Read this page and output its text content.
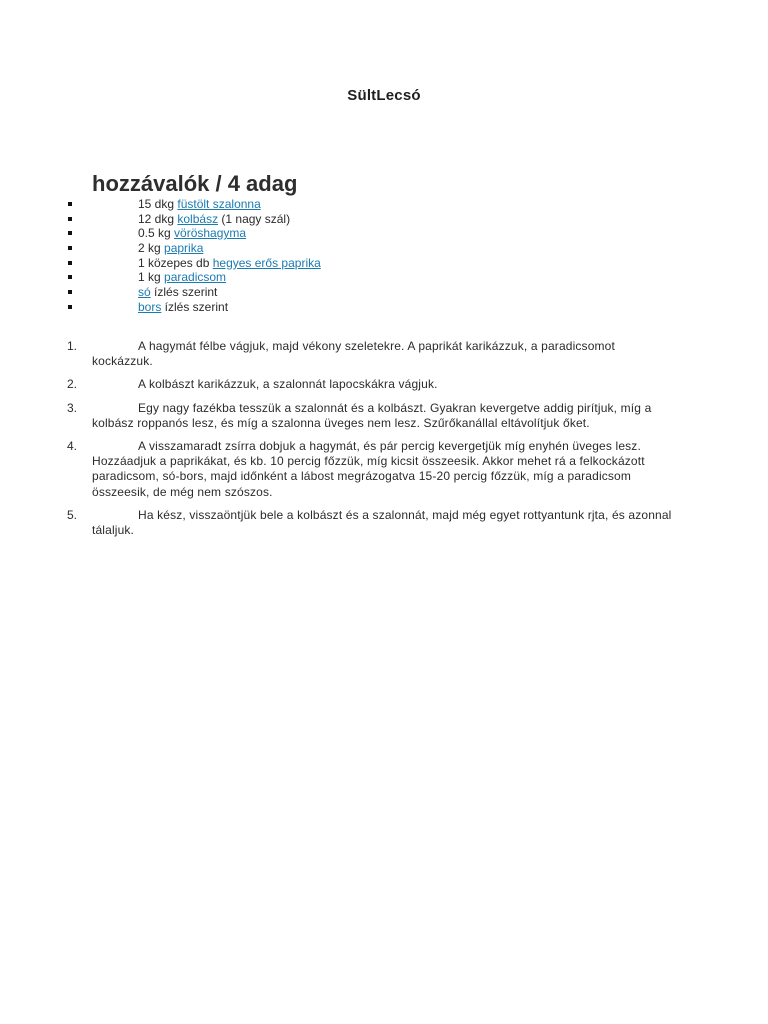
SültLecsó
hozzávalók / 4 adag
15 dkg füstölt szalonna
12 dkg kolbász (1 nagy szál)
0.5 kg vöröshagyma
2 kg paprika
1 közepes db hegyes erős paprika
1 kg paradicsom
só ízlés szerint
bors ízlés szerint
1.	A hagymát félbe vágjuk, majd vékony szeletekre. A paprikát karikázzuk, a paradicsomot kockázzuk.
2.	A kolbászt karikázzuk, a szalonnát lapocskákra vágjuk.
3.	Egy nagy fazékba tesszük a szalonnát és a kolbászt. Gyakran kevergetve addig pirítjuk, míg a kolbász roppanós lesz, és míg a szalonna üveges nem lesz. Szűrőkanállal eltávolítjuk őket.
4.	A visszamaradt zsírra dobjuk a hagymát, és pár percig kevergetjük míg enyhén üveges lesz. Hozzáadjuk a paprikákat, és kb. 10 percig főzzük, míg kicsit összeesik. Akkor mehet rá a felkockázott paradicsom, só-bors, majd időnként a lábost megrázogatva 15-20 percig főzzük, míg a paradicsom összeesik, de még nem szószos.
5.	Ha kész, visszaöntjük bele a kolbászt és a szalonnát, majd még egyet rottyantunk rjta, és azonnal tálaljuk.
